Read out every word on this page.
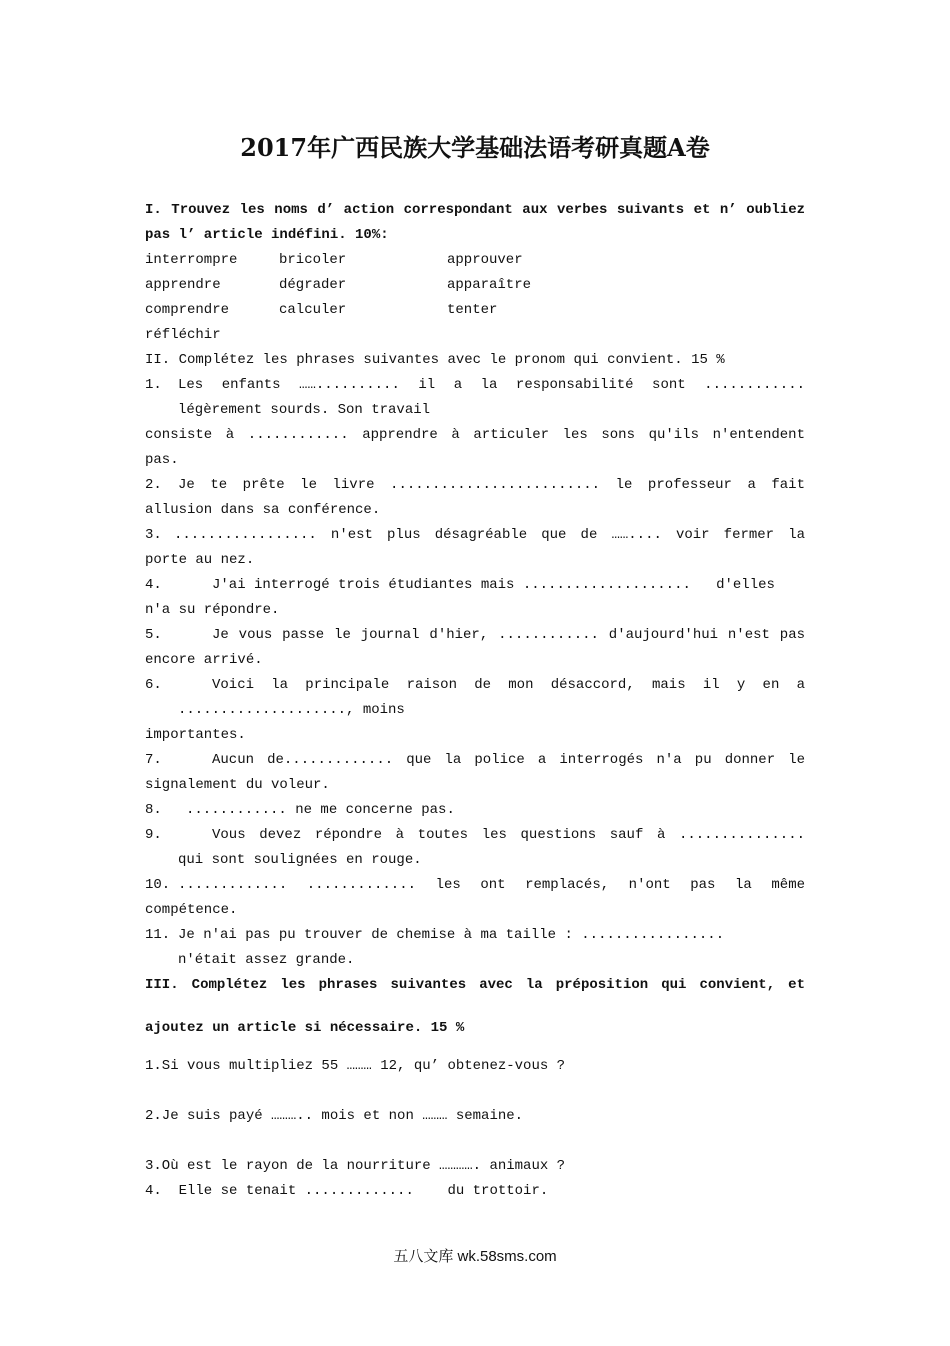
2017年广西民族大学基础法语考研真题A卷
I. Trouvez les noms d’ action correspondant aux verbes suivants et n’ oubliez
pas l’ article indéfini. 10%:
interrompre	bricoler	approuver
apprendre	dégrader	apparaître
comprendre	calculer	tenter
réfléchir
II. Complétez les phrases suivantes avec le pronom qui convient. 15 %
1.	Les enfants …….......... il a la responsabilité sont ............
légèrement sourds. Son travail
consiste à ............ apprendre à articuler les sons qu'ils n'entendent
pas.
2.	Je te prête le livre ......................... le professeur a fait
allusion dans sa conférence.
3. ................. n'est plus désagréable que de …….... voir fermer la
porte au nez.
4.	J'ai interrogé trois étudiantes mais ....................   d'elles
n'a su répondre.
5.	Je vous passe le journal d'hier, ............ d'aujourd'hui n'est pas
encore arrivé.
6.	Voici la principale raison de mon désaccord, mais il y en a
...................., moins
importantes.
7.	Aucun de............. que la police a interrogés n'a pu donner le
signalement du voleur.
8.	............ ne me concerne pas.
9.	Vous devez répondre à toutes les questions sauf à ...............
qui sont soulignées en rouge.
10. ............. ............. les ont remplacés, n'ont pas la même
compétence.
11. Je n'ai pas pu trouver de chemise à ma taille : .................
n'était assez grande.
III. Complétez les phrases suivantes avec la préposition qui convient, et
ajoutez un article si nécessaire. 15 %
1.Si vous multipliez 55 ……… 12, qu’ obtenez-vous ?
2.Je suis payé ……….. mois et non ……… semaine.
3.Où est le rayon de la nourriture …………. animaux ?
4.  Elle se tenait .............    du trottoir.
五八文库 wk.58sms.com
